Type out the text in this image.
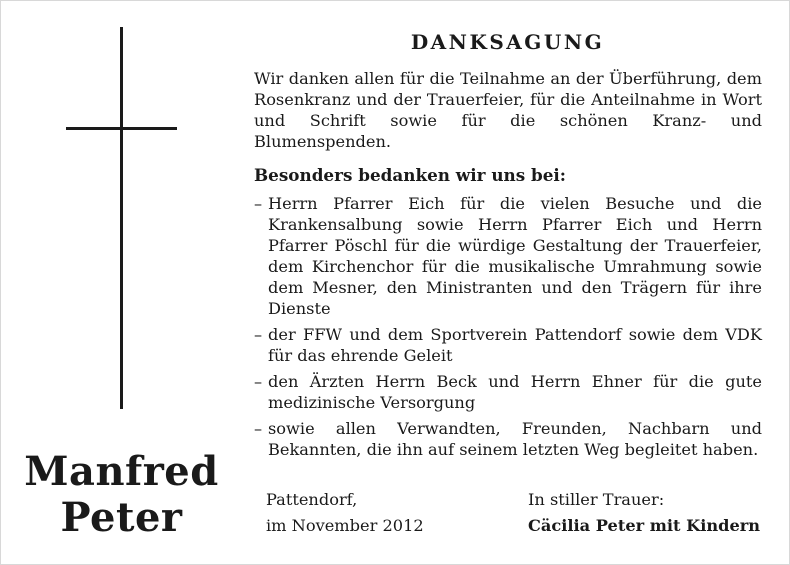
Manfred
Peter
DANKSAGUNG
Wir danken allen für die Teilnahme an der Überführung, dem Rosenkranz und der Trauerfeier, für die Anteilnahme in Wort und Schrift sowie für die schönen Kranz- und Blumenspenden.
Besonders bedanken wir uns bei:
– Herrn Pfarrer Eich für die vielen Besuche und die Krankensalbung sowie Herrn Pfarrer Eich und Herrn Pfarrer Pöschl für die würdige Gestaltung der Trauerfeier, dem Kirchenchor für die musikalische Umrahmung sowie dem Mesner, den Ministranten und den Trägern für ihre Dienste
– der FFW und dem Sportverein Pattendorf sowie dem VDK für das ehrende Geleit
– den Ärzten Herrn Beck und Herrn Ehner für die gute medizinische Versorgung
– sowie allen Verwandten, Freunden, Nachbarn und Bekannten, die ihn auf seinem letzten Weg begleitet haben.
Pattendorf,
im November 2012
In stiller Trauer:
Cäcilia Peter mit Kindern
